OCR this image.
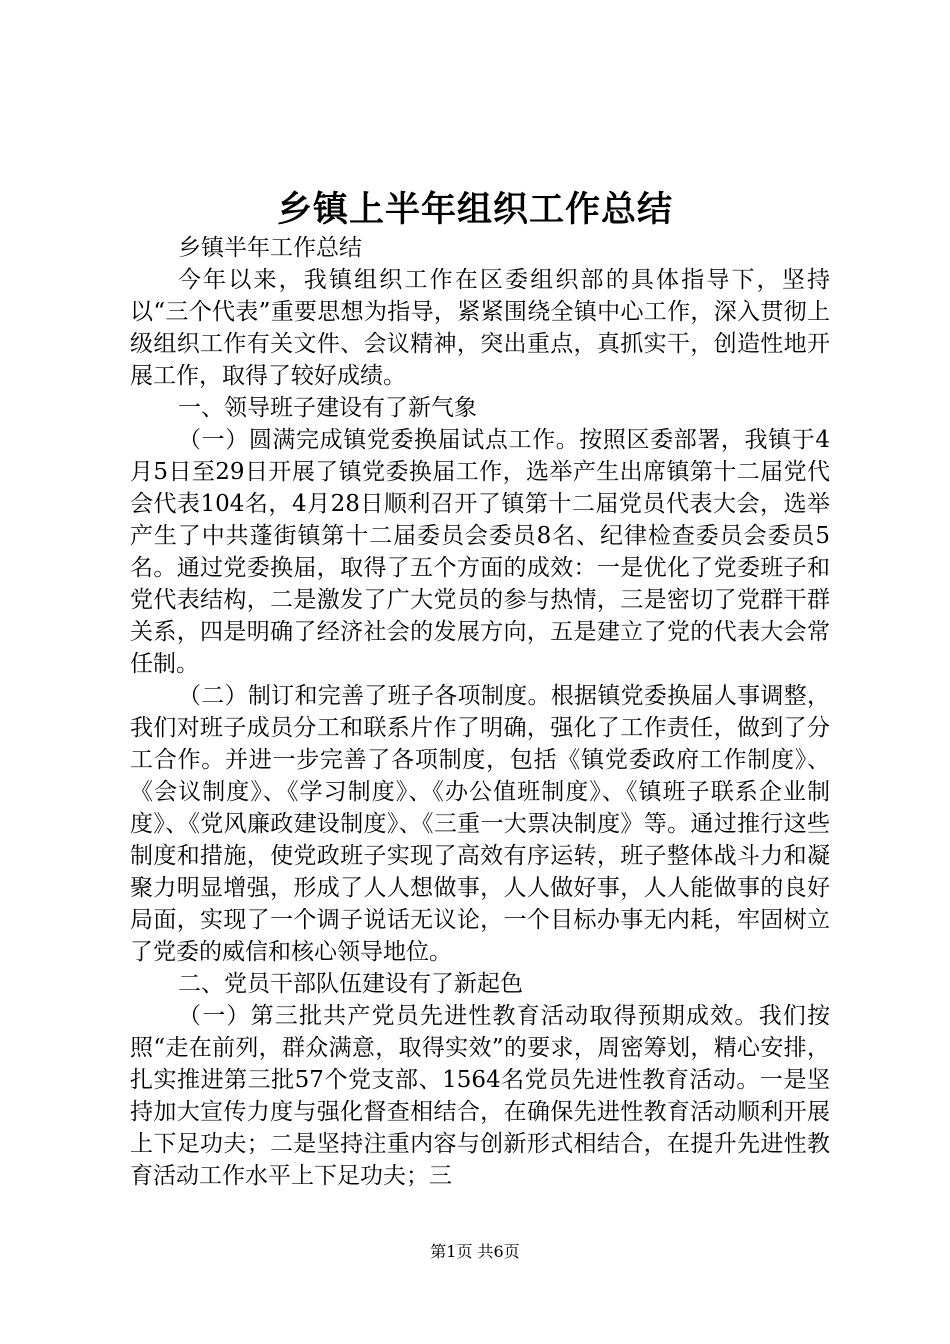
乡镇上半年组织工作总结

乡镇半年工作总结

今年以来，我镇组织工作在区委组织部的具体指导下，坚持以“三个代表”重要思想为指导，紧紧围绕全镇中心工作，深入贯彻上级组织工作有关文件、会议精神，突出重点，真抓实干，创造性地开展工作，取得了较好成绩。

一、领导班子建设有了新气象

（一）圆满完成镇党委换届试点工作。按照区委部署，我镇于4月5日至29日开展了镇党委换届工作，选举产生出席镇第十二届党代会代表104名，4月28日顺利召开了镇第十二届党员代表大会，选举产生了中共蓬街镇第十二届委员会委员8名、纪律检查委员会委员5名。通过党委换届，取得了五个方面的成效：一是优化了党委班子和党代表结构，二是激发了广大党员的参与热情，三是密切了党群干群关系，四是明确了经济社会的发展方向，五是建立了党的代表大会常任制。

（二）制订和完善了班子各项制度。根据镇党委换届人事调整，我们对班子成员分工和联系片作了明确，强化了工作责任，做到了分工合作。并进一步完善了各项制度，包括《镇党委政府工作制度》、《会议制度》、《学习制度》、《办公值班制度》、《镇班子联系企业制度》、《党风廉政建设制度》、《三重一大票决制度》等。通过推行这些制度和措施，使党政班子实现了高效有序运转，班子整体战斗力和凝聚力明显增强，形成了人人想做事，人人做好事，人人能做事的良好局面，实现了一个调子说话无议论，一个目标办事无内耗，牢固树立了党委的威信和核心领导地位。

二、党员干部队伍建设有了新起色

（一）第三批共产党员先进性教育活动取得预期成效。我们按照“走在前列，群众满意，取得实效”的要求，周密筹划，精心安排，扎实推进第三批57个党支部、1564名党员先进性教育活动。一是坚持加大宣传力度与强化督查相结合，在确保先进性教育活动顺利开展上下足功夫；二是坚持注重内容与创新形式相结合，在提升先进性教育活动工作水平上下足功夫；三

第1页 共6页
